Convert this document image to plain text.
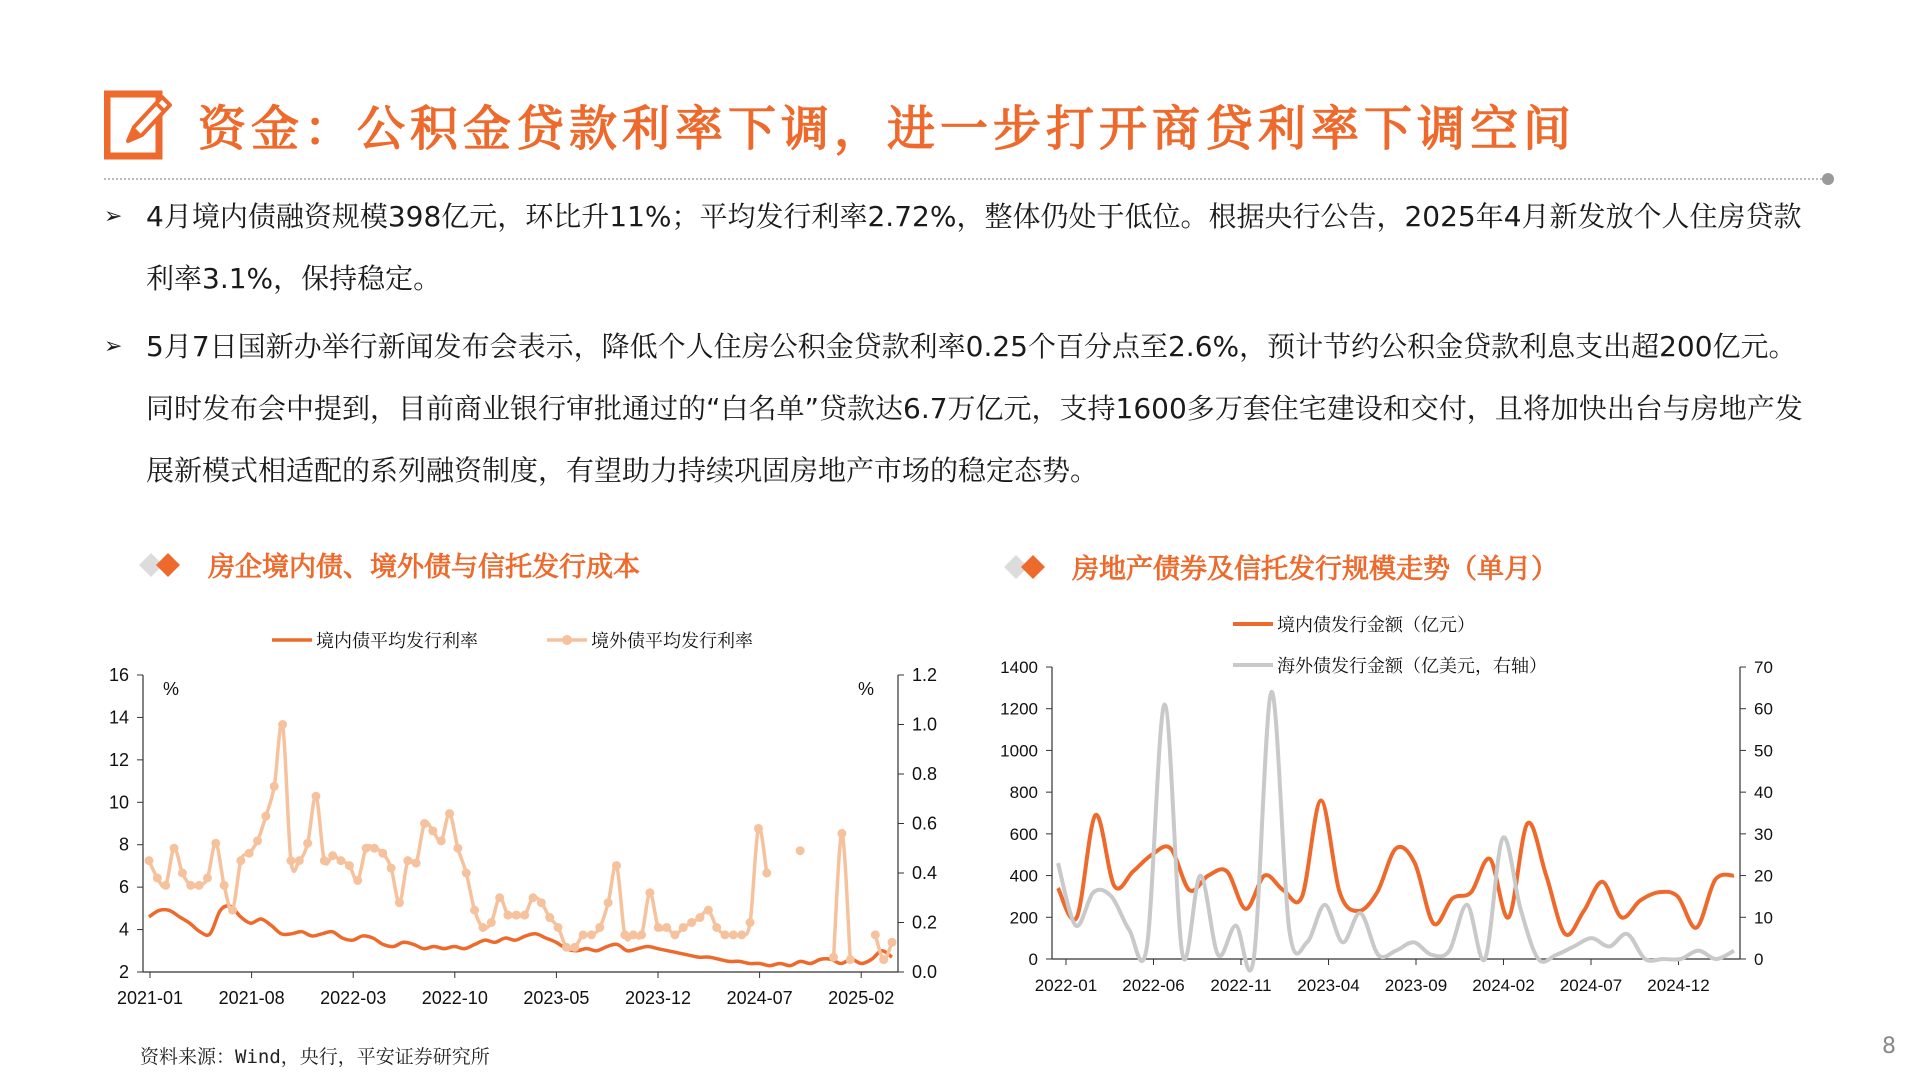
资金：公积金贷款利率下调，进一步打开商贷利率下调空间
➢ 4月境内债融资规模398亿元，环比升11%；平均发行利率2.72%，整体仍处于低位。根据央行公告，2025年4月新发放个人住房贷款利率3.1%，保持稳定。
➢ 5月7日国新办举行新闻发布会表示，降低个人住房公积金贷款利率0.25个百分点至2.6%，预计节约公积金贷款利息支出超200亿元。同时发布会中提到，目前商业银行审批通过的“白名单”贷款达6.7万亿元，支持1600多万套住宅建设和交付，且将加快出台与房地产发展新模式相适配的系列融资制度，有望助力持续巩固房地产市场的稳定态势。
房企境内债、境外债与信托发行成本	房地产债券及信托发行规模走势（单月）
16
14
12
10
8
6
4
2
1.2
1.0
0.8
0.6
0.4
0.2
0.0
%	%
2021-01 2021-08 2022-03 2022-10 2023-05 2023-12 2024-07 2025-02
境内债平均发行利率	境外债平均发行利率
1400
1200
1000
800
600
400
200
0
70
60
50
40
30
20
10
0
2022-01 2022-06 2022-11 2023-04 2023-09 2024-02 2024-07 2024-12
境内债发行金额（亿元）
海外债发行金额（亿美元，右轴）
资料来源：Wind，央行，平安证券研究所	8
